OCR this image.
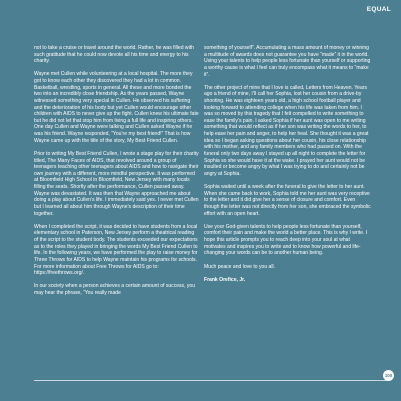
EQUAL

not to take a cruise or travel around the world. Rather, he was filled with such gratitude that he could now devote all his time and energy to his charity.

Wayne met Cullen while volunteering at a local hospital. The more they got to know each other they discovered they had a lot in common. Basketball, wrestling, sports in general. All these and more bonded the two into an incredibly close friendship. As the years passed, Wayne witnessed something very special in Cullen. He observed his suffering and the deterioration of his body but yet Cullen would encourage other children with AIDS to never give up the fight. Cullen knew his ultimate fate but he did not let that stop him from living a full life and inspiring others. One day Cullen and Wayne were talking and Cullen asked Wayne if he was his friend. Wayne responded, “You’re my best friend!” That is how Wayne came up with the title of the story, My Best Friend Cullen.

Prior to writing My Best Friend Cullen, I wrote a stage play for their charity titled, The Many Faces of AIDS, that revolved around a group of teenagers teaching other teenagers about AIDS and how to navigate their own journey with a different, more mindful perspective. It was performed at Bloomfield High School in Bloomfield, New Jersey with many locals filling the seats. Shortly after the performance, Cullen passed away. Wayne was devastated. It was then that Wayne approached me about doing a play about Cullen’s life. I immediately said yes. I never met Cullen but I learned all about him through Wayne’s description of their time together.

When I completed the script, it was decided to have students from a local elementary school in Paterson, New Jersey perform a theatrical reading of the script to the student body. The students exceeded our expectations as to the roles they played in bringing the words My Best Friend Cullen to life. In the following years, we have performed the play to raise money for Three Throws for AIDS to help Wayne maintain his programs for schools. For more information about Free Throws for AIDS go to: https://freethrows.org/.

In our society when a person achieves a certain amount of success, you may hear the phrase, “You really made

something of yourself”. Accumulating a mass amount of money or winning a multitude of awards does not guarantee you have “made” it in the world. Using your talents to help people less fortunate than yourself or supporting a worthy cause is what I feel can truly encompass what it means to “make it”.

The other project of mine that I love is called, Letters from Heaven. Years ago a friend of mine, I’ll call her Sophia, lost her cousin from a drive-by shooting. He was eighteen years old, a high school football player and looking forward to attending college when his life was taken from him. I was so moved by this tragedy that I felt compelled to write something to ease the family’s pain. I asked Sophia if her aunt was open to me writing something that would reflect as if her son was writing the words to her, to help ease her pain and anger, to help her heal. She thought it was a great idea so I began asking questions about her cousin, his close relationship with his mother, and any family members who had passed on. With the funeral only two days away I stayed up all night to complete the letter for Sophia so she would have it at the wake. I prayed her aunt would not be insulted or become angry by what I was trying to do and certainly not be angry at Sophia.

Sophia waited until a week after the funeral to give the letter to her aunt. When she came back to work, Sophia told me her aunt was very receptive to the letter and it did give her a sense of closure and comfort. Even though the letter was not directly from her son, she embraced the symbolic effort with an open heart.

Use your God-given talents to help people less fortunate than yourself, comfort their pain and make the world a better place. This is why I write. I hope this article prompts you to reach deep into your soul at what motivates and inspires you to write and to know how powerful and life-changing your words can be to another human being.

Much peace and love to you all.

Frank Orefice, Jr.

100
